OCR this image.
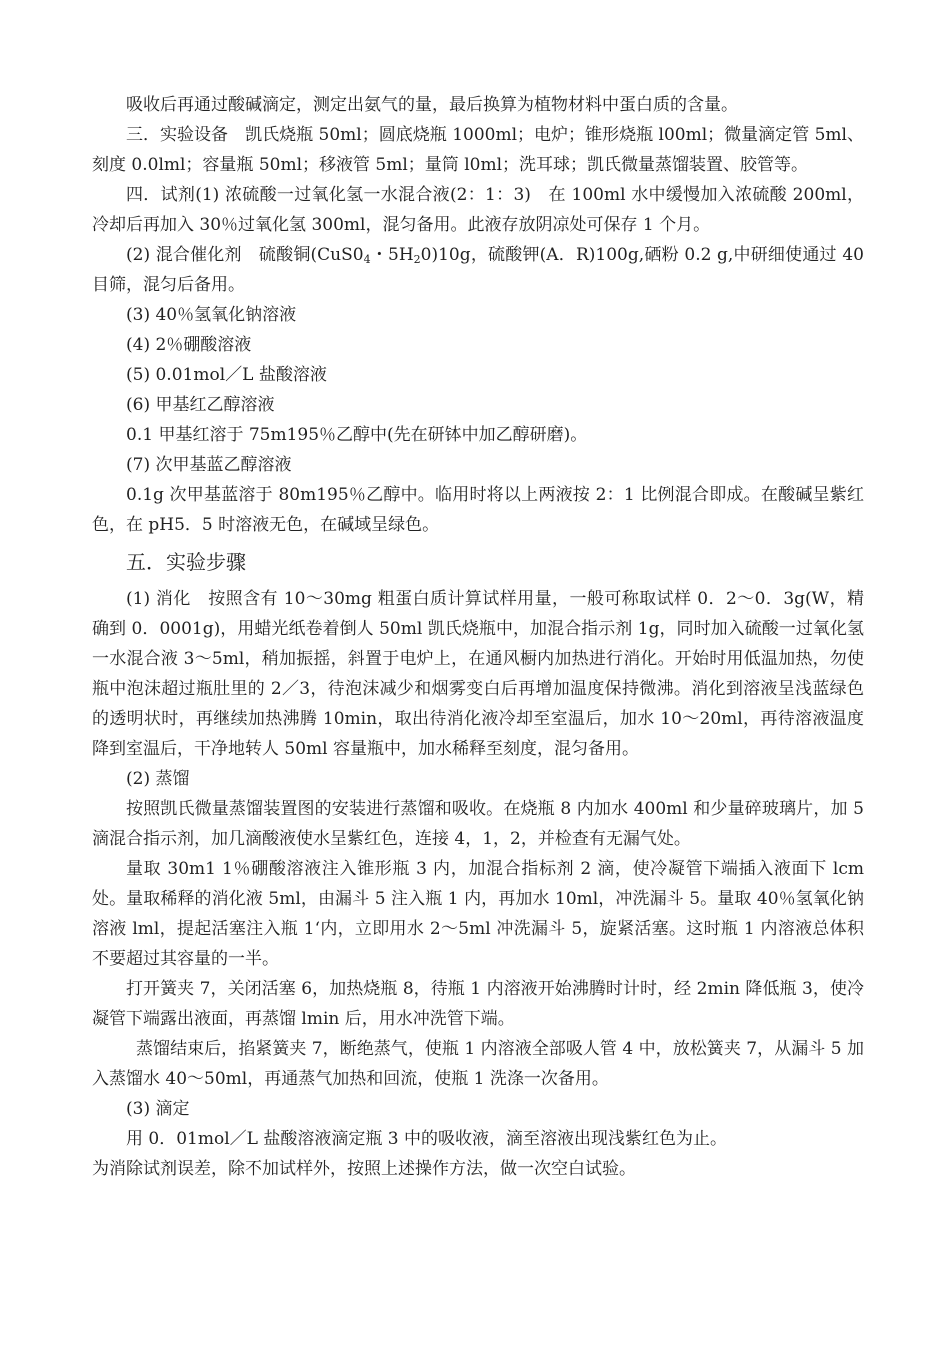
吸收后再通过酸碱滴定，测定出氨气的量，最后换算为植物材料中蛋白质的含量。

三．实验设备　凯氏烧瓶 50ml；圆底烧瓶 1000ml；电炉；锥形烧瓶 l00ml；微量滴定管 5ml、刻度 0.0lml；容量瓶 50ml；移液管 5ml；量筒 l0ml；洗耳球；凯氏微量蒸馏装置、胶管等。

四．试剂(1) 浓硫酸一过氧化氢一水混合液(2：1：3)　在 100ml 水中缓慢加入浓硫酸 200ml，冷却后再加入 30％过氧化氢 300ml，混匀备用。此液存放阴凉处可保存 1 个月。

(2) 混合催化剂　硫酸铜($CuS0_4$・$5H_20)10g$，硫酸钾(A．R)100g,硒粉 0.2 g,中研细使通过 40 目筛，混匀后备用。

(3) 40％氢氧化钠溶液

(4) 2％硼酸溶液

(5) 0.01mol／L 盐酸溶液

(6) 甲基红乙醇溶液

0.1 甲基红溶于 75m195％乙醇中(先在研钵中加乙醇研磨)。

(7) 次甲基蓝乙醇溶液

0.1g 次甲基蓝溶于 80m195％乙醇中。临用时将以上两液按 2：1 比例混合即成。在酸碱呈紫红色，在 pH5．5 时溶液无色，在碱域呈绿色。

五．实验步骤

(1) 消化　按照含有 10～30mg 粗蛋白质计算试样用量，一般可称取试样 0．2～0．3g(W，精确到 0．0001g)，用蜡光纸卷着倒人 50ml 凯氏烧瓶中，加混合指示剂 1g，同时加入硫酸一过氧化氢一水混合液 3～5ml，稍加振摇，斜置于电炉上，在通风橱内加热进行消化。开始时用低温加热，勿使瓶中泡沫超过瓶肚里的 2／3，待泡沫减少和烟雾变白后再增加温度保持微沸。消化到溶液呈浅蓝绿色的透明状时，再继续加热沸腾 10min，取出待消化液冷却至室温后，加水 10～20ml，再待溶液温度降到室温后，干净地转人 50ml 容量瓶中，加水稀释至刻度，混匀备用。

(2) 蒸馏

按照凯氏微量蒸馏装置图的安装进行蒸馏和吸收。在烧瓶 8 内加水 400ml 和少量碎玻璃片，加 5 滴混合指示剂，加几滴酸液使水呈紫红色，连接 4，1，2，并检查有无漏气处。

量取 30m1 1％硼酸溶液注入锥形瓶 3 内，加混合指标剂 2 滴，使冷凝管下端插入液面下 lcm 处。量取稀释的消化液 5ml，由漏斗 5 注入瓶 1 内，再加水 10ml，冲洗漏斗 5。量取 40％氢氧化钠溶液 lml，提起活塞注入瓶 1‘内，立即用水 2～5ml 冲洗漏斗 5，旋紧活塞。这时瓶 1 内溶液总体积不要超过其容量的一半。

打开簧夹 7，关闭活塞 6，加热烧瓶 8，待瓶 1 内溶液开始沸腾时计时，经 2min 降低瓶 3，使冷凝管下端露出液面，再蒸馏 lmin 后，用水冲洗管下端。

蒸馏结束后，掐紧簧夹 7，断绝蒸气，使瓶 1 内溶液全部吸人管 4 中，放松簧夹 7，从漏斗 5 加入蒸馏水 40～50ml，再通蒸气加热和回流，使瓶 1 洗涤一次备用。

(3) 滴定

用 0．01mol／L 盐酸溶液滴定瓶 3 中的吸收液，滴至溶液出现浅紫红色为止。

为消除试剂误差，除不加试样外，按照上述操作方法，做一次空白试验。
